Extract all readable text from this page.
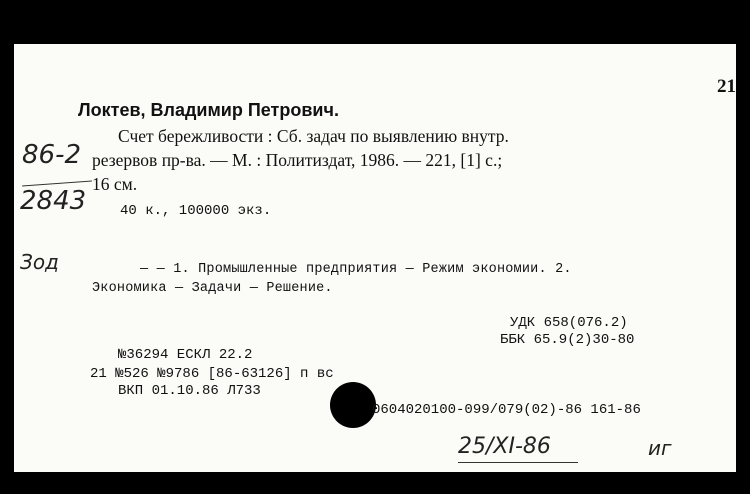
21
86-2
2843
Зод
Локтев, Владимир Петрович.
Счет бережливости : Сб. задач по выявлению внутр.
резервов пр-ва. — М. : Политиздат, 1986. — 221, [1] с.;
16 см.
40 к., 100000 экз.
— — 1. Промышленные предприятия — Режим экономии. 2.
Экономика — Задачи — Решение.
УДК 658(076.2)
ББК 65.9(2)30-80
№36294 ЕСКЛ 22.2
21 №526 №9786 [86-63126] п вс
ВКП 01.10.86 Л733
0604020100-099/079(02)-86 161-86
25/XI-86	иг
